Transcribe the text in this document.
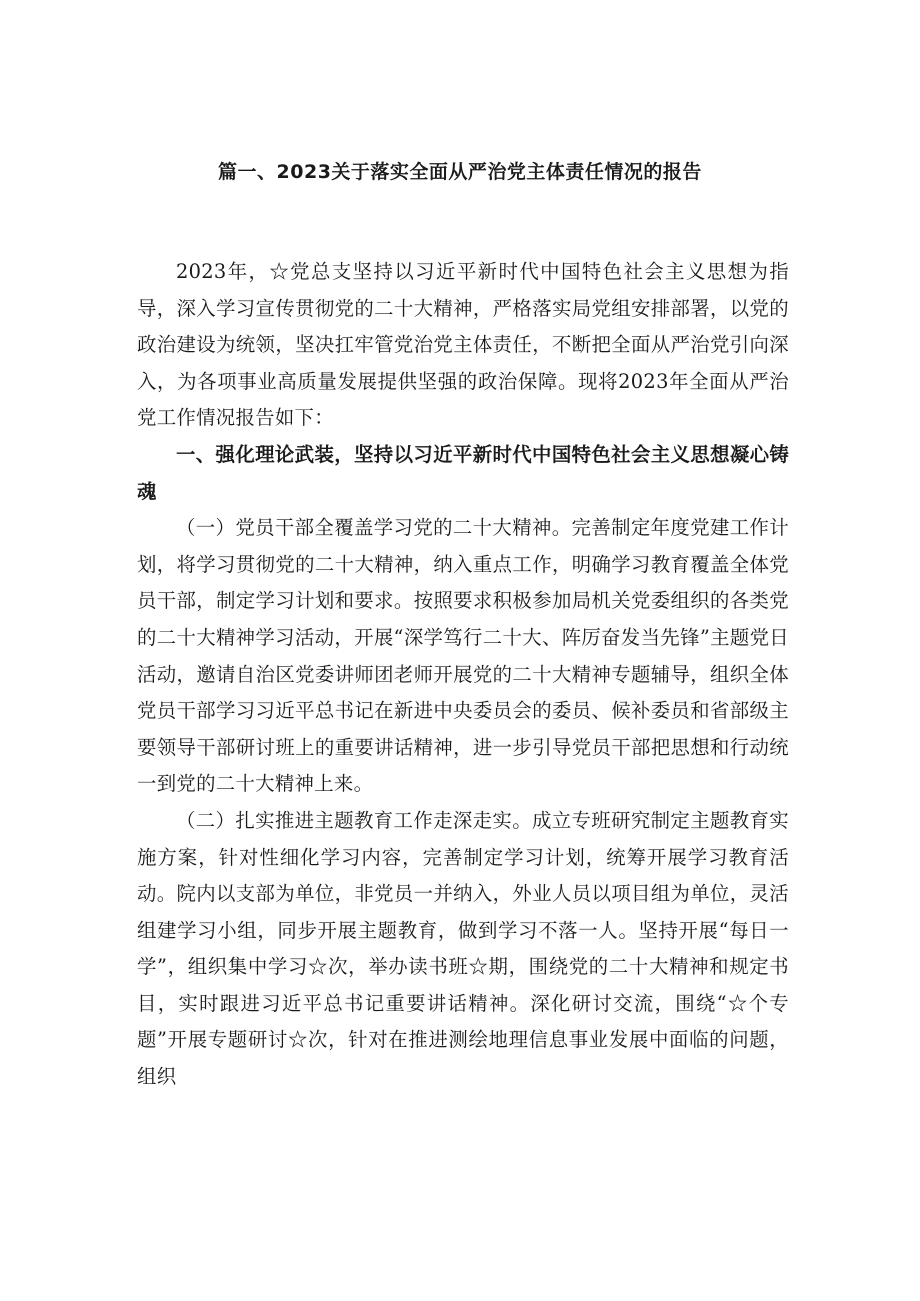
篇一、2023关于落实全面从严治党主体责任情况的报告

2023年，☆党总支坚持以习近平新时代中国特色社会主义思想为指导，深入学习宣传贯彻党的二十大精神，严格落实局党组安排部署，以党的政治建设为统领，坚决扛牢管党治党主体责任，不断把全面从严治党引向深入，为各项事业高质量发展提供坚强的政治保障。现将2023年全面从严治党工作情况报告如下：

一、强化理论武装，坚持以习近平新时代中国特色社会主义思想凝心铸魂

（一）党员干部全覆盖学习党的二十大精神。完善制定年度党建工作计划，将学习贯彻党的二十大精神，纳入重点工作，明确学习教育覆盖全体党员干部，制定学习计划和要求。按照要求积极参加局机关党委组织的各类党的二十大精神学习活动，开展“深学笃行二十大、阵厉奋发当先锋”主题党日活动，邀请自治区党委讲师团老师开展党的二十大精神专题辅导，组织全体党员干部学习习近平总书记在新进中央委员会的委员、候补委员和省部级主要领导干部研讨班上的重要讲话精神，进一步引导党员干部把思想和行动统一到党的二十大精神上来。

（二）扎实推进主题教育工作走深走实。成立专班研究制定主题教育实施方案，针对性细化学习内容，完善制定学习计划，统筹开展学习教育活动。院内以支部为单位，非党员一并纳入，外业人员以项目组为单位，灵活组建学习小组，同步开展主题教育，做到学习不落一人。坚持开展“每日一学”，组织集中学习☆次，举办读书班☆期，围绕党的二十大精神和规定书目，实时跟进习近平总书记重要讲话精神。深化研讨交流，围绕“☆个专题”开展专题研讨☆次，针对在推进测绘地理信息事业发展中面临的问题，组织
